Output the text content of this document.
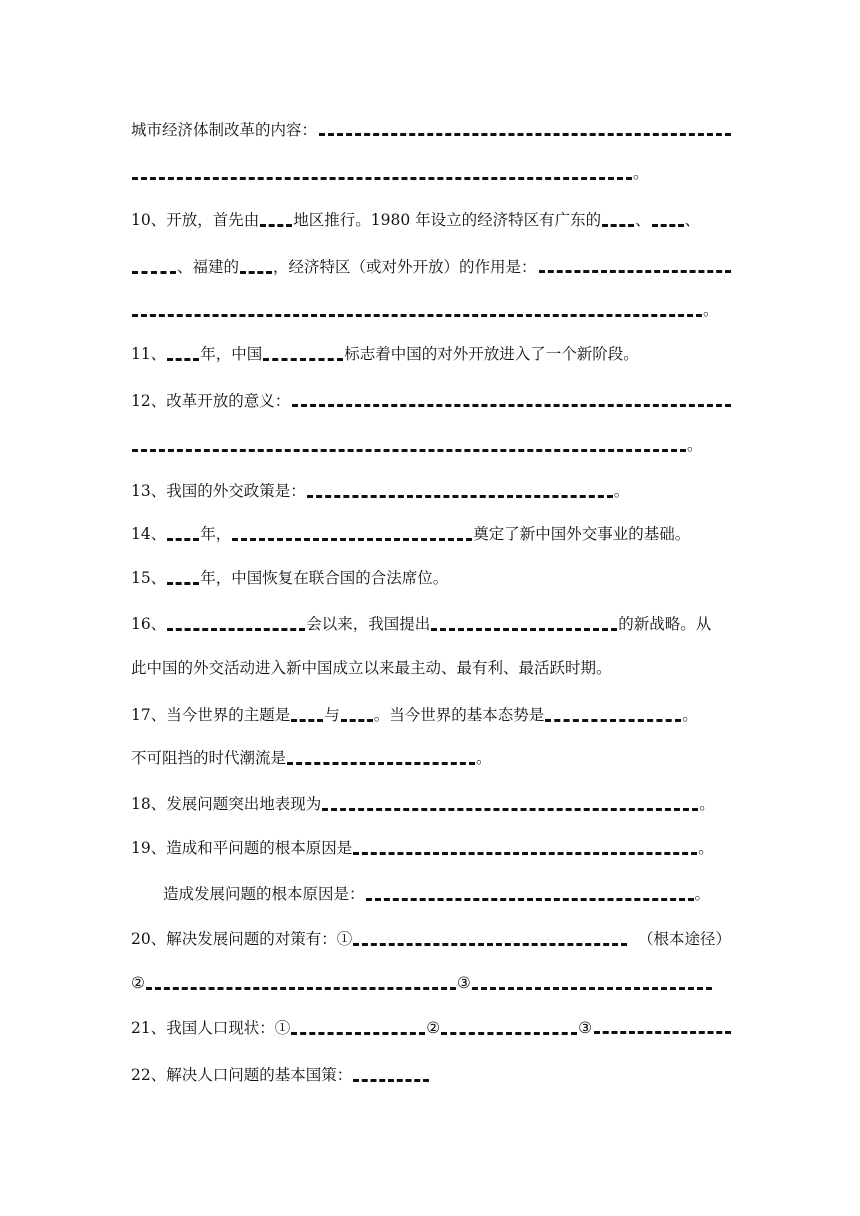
城市经济体制改革的内容：
。
10、开放，首先由 地区推行。1980 年设立的经济特区有广东的 、 、
、福建的 ，经济特区（或对外开放）的作用是：
。
11、 年，中国	标志着中国的对外开放进入了一个新阶段。
12、改革开放的意义：
。
13、我国的外交政策是：	。
14、 年，	奠定了新中国外交事业的基础。
15、 年，中国恢复在联合国的合法席位。
16、	会以来，我国提出	的新战略。从
此中国的外交活动进入新中国成立以来最主动、最有利、最活跃时期。
17、当今世界的主题是 与 。当今世界的基本态势是	。
不可阻挡的时代潮流是	。
18、发展问题突出地表现为	。
19、造成和平问题的根本原因是	。
造成发展问题的根本原因是：	。
20、解决发展问题的对策有：①	（根本途径）
②	③
21、我国人口现状：①	②	③
22、解决人口问题的基本国策：
